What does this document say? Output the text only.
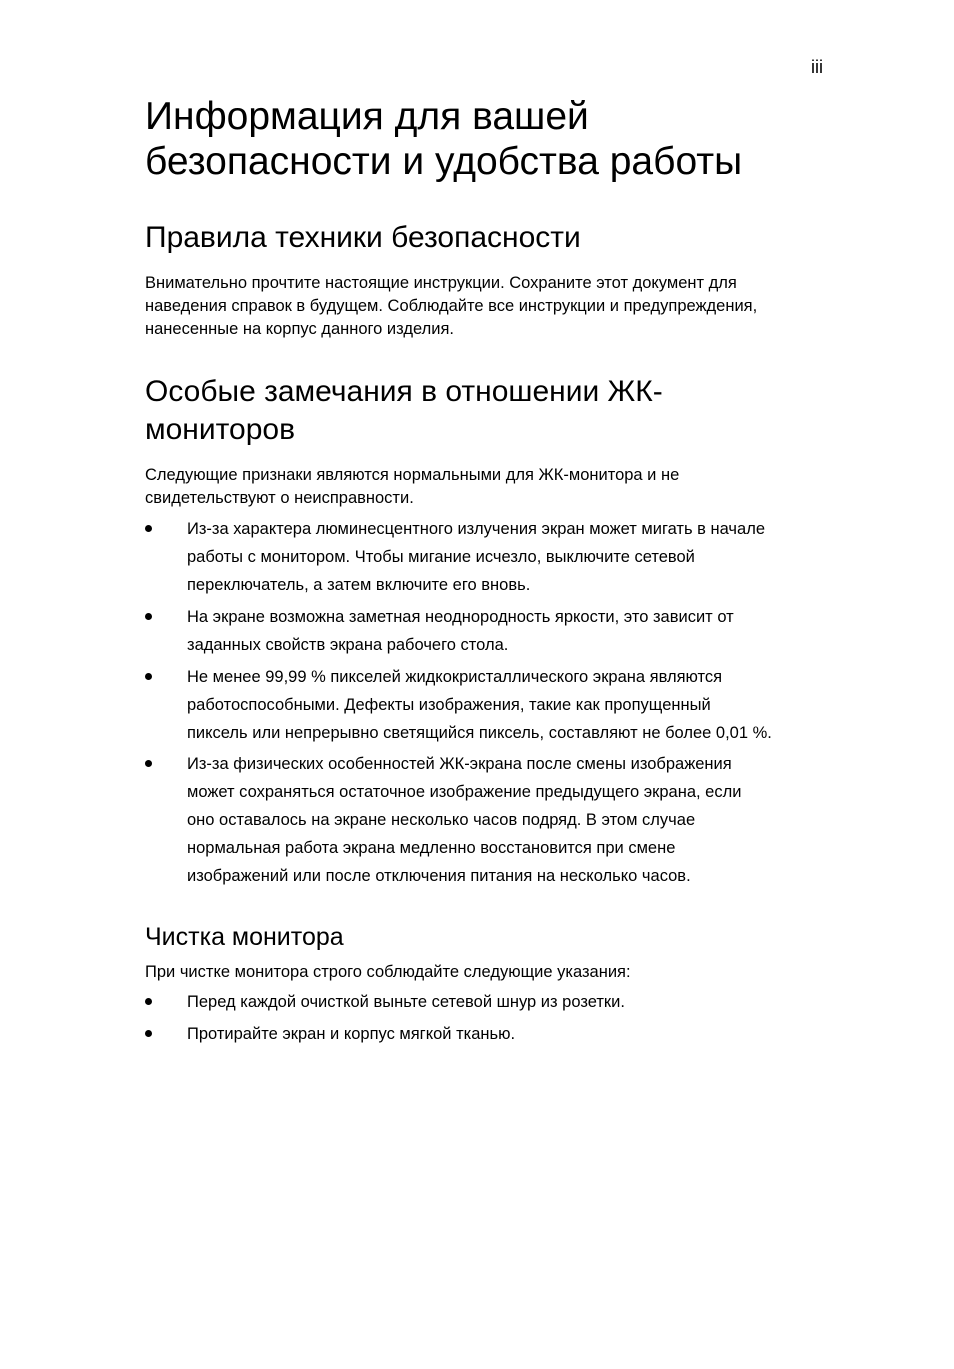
iii
Информация для вашей
безопасности и удобства работы
Правила техники безопасности

Внимательно прочтите настоящие инструкции. Сохраните этот документ для
наведения справок в будущем. Соблюдайте все инструкции и предупреждения,
нанесенные на корпус данного изделия.

Особые замечания в отношении ЖК-
мониторов

Следующие признаки являются нормальными для ЖК-монитора и не
свидетельствуют о неисправности.

Из-за характера люминесцентного излучения экран может мигать в начале
работы с монитором. Чтобы мигание исчезло, выключите сетевой
переключатель, а затем включите его вновь.
На экране возможна заметная неоднородность яркости, это зависит от
заданных свойств экрана рабочего стола.
Не менее 99,99 % пикселей жидкокристаллического экрана являются
работоспособными. Дефекты изображения, такие как пропущенный
пиксель или непрерывно светящийся пиксель, составляют не более 0,01 %.
Из-за физических особенностей ЖК-экрана после смены изображения
может сохраняться остаточное изображение предыдущего экрана, если
оно оставалось на экране несколько часов подряд. В этом случае
нормальная работа экрана медленно восстановится при смене
изображений или после отключения питания на несколько часов.
Чистка монитора

При чистке монитора строго соблюдайте следующие указания:

Перед каждой очисткой выньте сетевой шнур из розетки.
Протирайте экран и корпус мягкой тканью.
